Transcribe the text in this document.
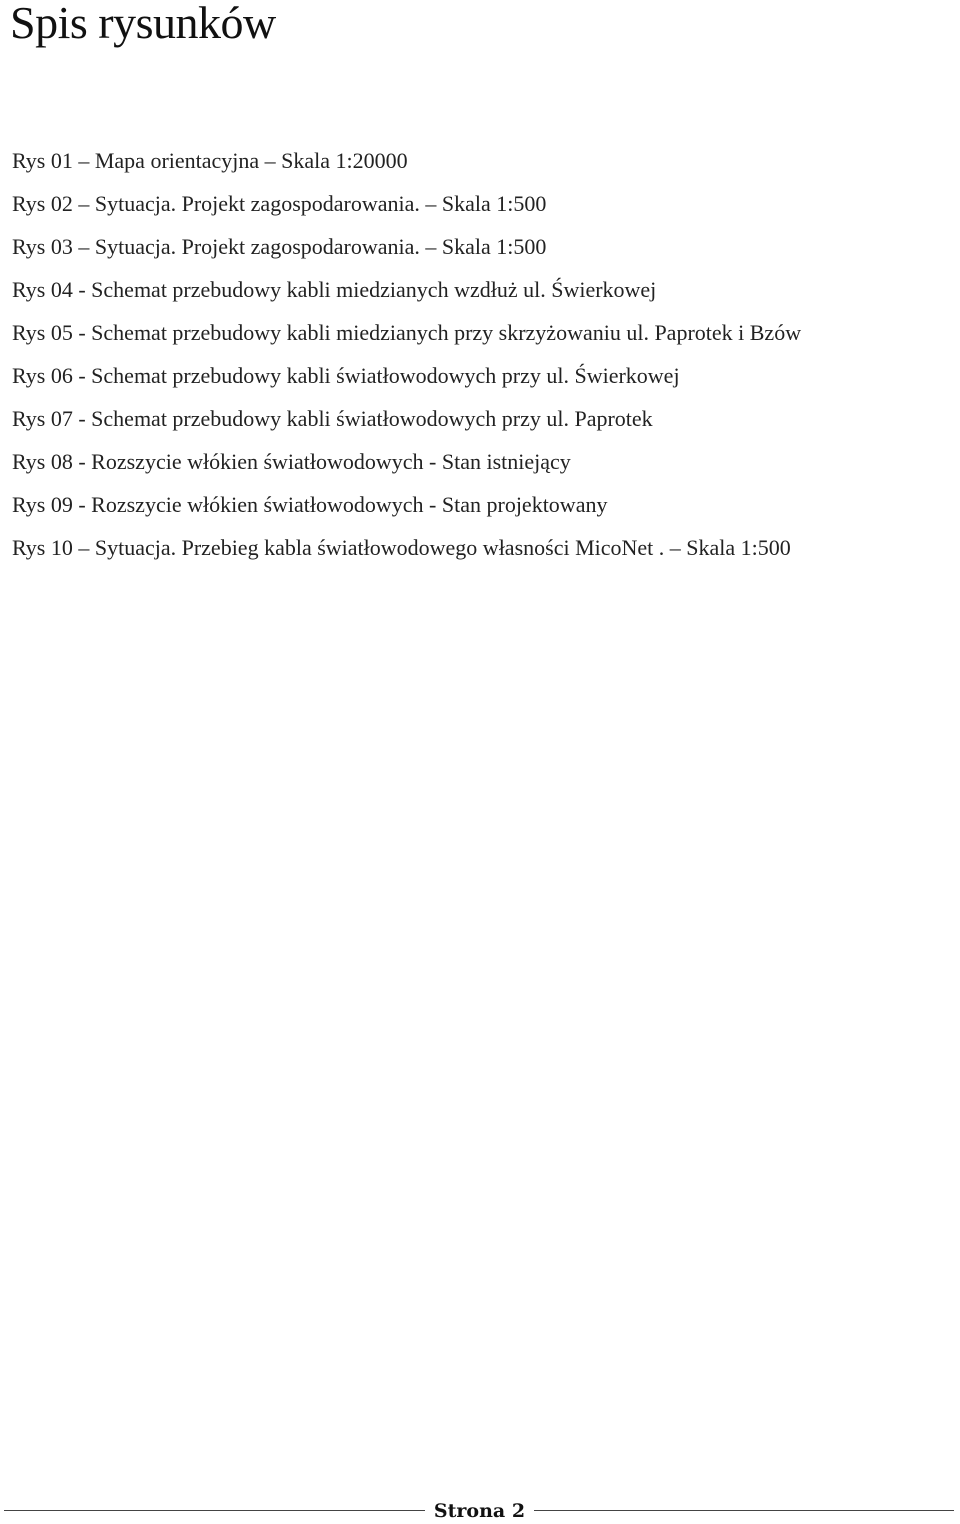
Spis rysunków
Rys 01 – Mapa orientacyjna – Skala 1:20000
Rys 02 – Sytuacja. Projekt zagospodarowania. – Skala 1:500
Rys 03 – Sytuacja. Projekt zagospodarowania. – Skala 1:500
Rys 04 - Schemat przebudowy kabli miedzianych wzdłuż ul. Świerkowej
Rys 05 - Schemat przebudowy kabli miedzianych przy skrzyżowaniu ul. Paprotek i Bzów
Rys 06 - Schemat przebudowy kabli światłowodowych przy ul. Świerkowej
Rys 07 - Schemat przebudowy kabli światłowodowych przy ul. Paprotek
Rys 08 - Rozszycie włókien światłowodowych - Stan istniejący
Rys 09 - Rozszycie włókien światłowodowych - Stan projektowany
Rys 10 – Sytuacja. Przebieg kabla światłowodowego własności MicoNet . – Skala 1:500
Strona 2
